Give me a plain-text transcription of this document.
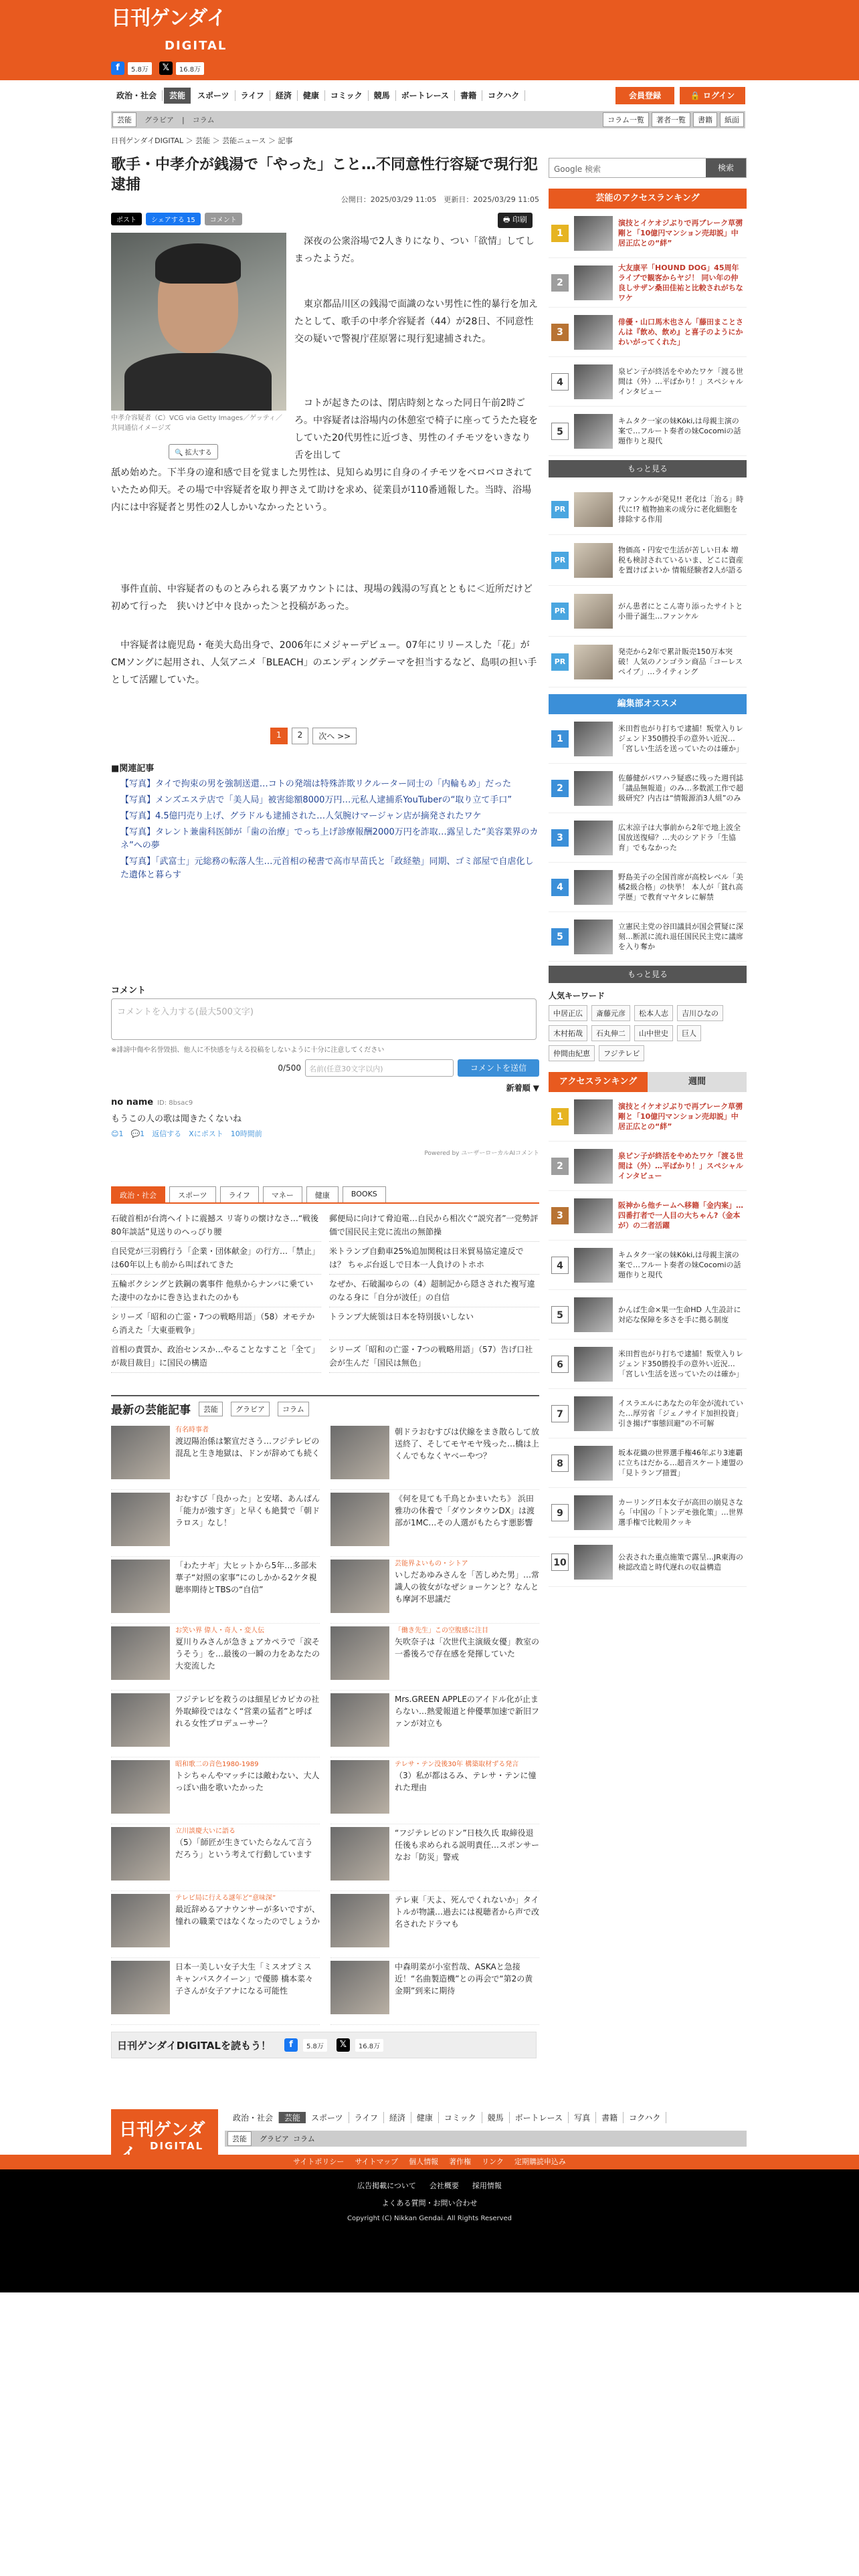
日刊ゲンダイ
DIGITAL
f	5.8万	𝕏	16.8万
政治・社会	芸能	スポーツ	ライフ	経済	健康	コミック	競馬	ボートレース	書籍	コクハク	会員登録	🔒 ログイン
芸能	グラビア | コラム	コラム一覧	著者一覧	書籍	紙面
日刊ゲンダイDIGITAL ＞ 芸能 ＞ 芸能ニュース ＞ 記事
歌手・中孝介が銭湯で「やった」こと…不同意性行容疑で現行犯逮捕
公開日：2025/03/29 11:05　更新日：2025/03/29 11:05
ポスト	シェアする 15	コメント	🖶 印刷
中孝介容疑者（C）VCG via Getty Images／ゲッティ／共同通信イメージズ
🔍 拡大する

　深夜の公衆浴場で2人きりになり、つい「欲情」してしまったようだ。

　東京都品川区の銭湯で面識のない男性に性的暴行を加えたとして、歌手の中孝介容疑者（44）が28日、不同意性交の疑いで警視庁荏原署に現行犯逮捕された。

　コトが起きたのは、閉店時刻となった同日午前2時ごろ。中容疑者は浴場内の休憩室で椅子に座ってうたた寝をしていた20代男性に近づき、男性のイチモツをいきなり舌を出して

舐め始めた。下半身の違和感で目を覚ました男性は、見知らぬ男に自身のイチモツをベロベロされていたため仰天。その場で中容疑者を取り押さえて助けを求め、従業員が110番通報した。当時、浴場内には中容疑者と男性の2人しかいなかったという。

　事件直前、中容疑者のものとみられる裏アカウントには、現場の銭湯の写真とともに＜近所だけど初めて行った　狭いけど中々良かった＞と投稿があった。

　中容疑者は鹿児島・奄美大島出身で、2006年にメジャーデビュー。07年にリリースした「花」がCMソングに起用され、人気アニメ「BLEACH」のエンディングテーマを担当するなど、島唄の担い手として活躍していた。

1	2	次へ >>
■関連記事
【写真】タイで拘束の男を強制送還…コトの発端は特殊詐欺リクルーター同士の「内輪もめ」だった
【写真】メンズエステ店で「美人局」被害総額8000万円…元私人逮捕系YouTuberの“取り立て手口”
【写真】4.5億円売り上げ、グラドルも逮捕された…人気腕けマージャン店が摘発されたワケ
【写真】タレント兼歯科医師が「歯の治療」でっち上げ診療報酬2000万円を詐取…露呈した“美容業界のカネ”への夢
【写真】「武富士」元総務の転落人生…元首相の秘書で高市早苗氏と「政経塾」同期、ゴミ部屋で自虐化した遺体と暮らす
コメント
コメントを入力する(最大500文字)
※誹謗中傷や名誉毀損、他人に不快感を与える投稿をしないように十分に注意してください
0/500	名前(任意30文字以内)	コメントを送信
新着順 ▼
no name ID: 8bsac9
もうこの人の歌は聞きたくないね
😊1　💬1　返信する　Xにポスト　10時間前
Powered by ユーザーローカルAIコメント
政治・社会	スポーツ	ライフ	マネー	健康	BOOKS
石破首相が台湾ヘイトに震撼ス リ寄りの懐けなさ…“戦後80年談話”見送りのヘっぴり腰
郵便局に向けて脅迫電…自民から相次ぐ“説究者”一党勢評価で国民民主党に流出の無節操
自民党が三羽鴉行う「企業・団体献金」の行方…「禁止」は60年以上も前から叫ばれてきた
米トランプ自動車25%追加関税は日米貿易協定違反では？ ちゃぶ台返しで日本一人負けのトホホ
五輪ボクシングと鉄鋼の裏事件 他県からナンバに乗ていた凄中のなかに巻き込まれたのかも
なぜか、石破漏ゆらの（4）超制記から隠さされた複写違のなる身に「自分が波任」の自信
シリーズ「昭和の亡霊・7つの戦略用語」（58）オモテから消えた「大東亜戦争」
トランプ大統領は日本を特別扱いしない
首相の責質か、政治センスか…やることなすこと「全て」が裁目裁目」に国民の構造
シリーズ「昭和の亡霊・7つの戦略用語」（57）告げ口社会が生んだ「国民は無色」
最新の芸能記事	芸能	グラビア	コラム
有名時事者
渡辺陽治係は繁宣ださう…フジテレビの混乱と生き地獄は、ドンが辞めても続く
朝ドラおむすびは伏線をまき散らして放送終了、そしてモヤモヤ残った…橋は上くんでもなくヤベーやつ？
おむすび「良かった」と安堵、あんぱん「能力が強すぎ」と早くも絶賛で「朝ドラロス」なし！
《何を見ても千鳥とかまいたち》 浜田雅功の休養で「ダウンタウンDX」は渡部が1MC…その人選がもたらす悪影響
「わたナギ」大ヒットから5年…多部未華子“対照の家事”にのしかかる2ケタ視聴率期待とTBSの“自信”
芸能界よいもの・シトア
いしだあゆみさんを「苦しめた男」…常識人の彼女がなぜショーケンと？なんとも摩訶不思議だ
お笑い界 偉人・奇人・変人伝
夏川りみさんが急きょアカペラで「涙そうそう」を…最後の一瞬の力をあなたの大変流した
「働き先生」この空腹感に注目
矢吹奈子は「次世代主演級女優」教室の一番後ろで存在感を発揮していた
フジテレビを救うのは細星ピカピカの社外取締役ではなく“営業の猛者”と呼ばれる女性プロデューサー？
Mrs.GREEN APPLEのアイドル化が止まらない…熱愛報道と仲優華加速で新旧ファンが対立も
昭和歌二の音色1980-1989
トシちゃんやマッチには敵わない、大人っぽい曲を歌いたかった
テレサ・テン没後30年 構築取材ずる発言
（3）私が都はるみ、テレサ・テンに憧れた理由
立川談慶大いに語る
（5）「師匠が生きていたらなんて言うだろう」という考えて行動しています
“フジテレビのドン”日枝久氏 取締役退任後も求められる説明責任…スポンサーなお「防災」警戒
テレビ局に行える謎年ど“意味深”
最近辞めるアナウンサーが多いですが、憧れの職業ではなくなったのでしょうか
テレ東「天よ、死んでくれないか」タイトルが物議…過去には視聴者から声で改名されたドラマも
日本一美しい女子大生「ミスオブミス キャンパスクイーン」で優勝 橋本菜々子さんが女子アナになる可能性
中森明菜が小室哲哉、ASKAと急接近！“名曲製造機”との再会で“第2の黄金期”到来に期待
日刊ゲンダイDIGITALを読もう！	f	5.8万	𝕏	16.8万
Google 検索	検索
芸能のアクセスランキング
1
演技とイケオジぶりで再ブレーク草彅剛と「10億円マンション売却説」中居正広との“絆”
2
大友康平「HOUND DOG」45周年ライブで観客からヤジ！ 同い年の仲良しサザン桑田佳祐と比較されがちなワケ
3
俳優・山口馬木也さん「藤田まことさんは『飲め、飲め』と喜子のようにかわいがってくれた」
4
泉ピン子が終活をやめたワケ「渡る世間は（外）…平ばかり！」スペシャルインタビュー
5
キムタク一家の妹Kōki,は母親主演の案で…フルート奏者の妹Cocomiの話題作りと現代
もっと見る
PR
ファンケルが発見!! 老化は「治る」時代に!? 植物抽来の成分に老化細胞を排除する作用
PR
物価高・円安で生活が苦しい日本 増税も検討されているいま、どこに資産を置けばよいか 情報経験者2人が語る
PR
がん患者にとこん寄り添ったサイトと小冊子誕生…ファンケル
PR
発売から2年で累計販売150万本突破！人気のノンゴラン商品「コーレスペイブ」…ライティング
編集部オススメ
1
米田哲也がり打ちで逮捕！叛堂入りレジェンド350勝投手の意外い近況…「宮しい生活を送っていたのは確か」
2
佐藤健がパワハラ疑惑に残った週刊誌「議品無報道」のみ…多数派工作で超級研究？内古は“情報源消3人組”のみ
3
広末涼子は大事前から2年で地上波全国放送復帰？…夫のシアドラ「生協育」でもなかった
4
野島美子の全国首席が高校レベル「美橘2級合格」の快挙！ 本人が「貧れ高学歴」で教育マヤタレに解禁
5
立憲民主党の谷田議員が国会質疑に深刻…断派に流れ退任国民民主党に議席を入り奪か
もっと見る
人気キーワード
中居正広	斎藤元彦	松本人志	吉川ひなの
木村拓哉	石丸伸二	山中世史	巨人
仲間由紀恵	フジテレビ
アクセスランキング	週間
1
演技とイケオジぶりで再ブレーク草彅剛と「10億円マンション売却説」中居正広との“絆”
2
泉ピン子が終活をやめたワケ「渡る世間は（外）…平ばかり！」スペシャルインタビュー
3
阪神から他チームへ移籍「金内案」…四番打者で一人目の大ちゃん?（金本が）の二者活躍
4
キムタク一家の妹Kōki,は母親主演の案で…フルート奏者の妹Cocomiの話題作りと現代
5
かんば生命×果一生命HD 人生設計に対応な保障を多さを手に拠る制度
6
米田哲也がり打ちで逮捕！叛堂入りレジェンド350勝投手の意外い近況…「宮しい生活を送っていたのは確か」
7
イスラエルにあなたの年金が流れていた…厚労省「ジェノサイド加担投資」引き揚げ“事態回避”の不可解
8
坂本花織の世界選手権46年ぶり3連覇に立ちはだかる…超音スケート連盟の「見トランプ措置」
9
カーリング日本女子が高田の崩見さなら「中国の「トンデモ強化策」…世界選手権で比較用クッキ
10
公表された重点施策で露呈…JR東海の検認改造と時代遅れの収益構造
日刊ゲンダ
DIGITAL
政治・社会	芸能	スポーツ	ライフ	経済	健康	コミック	競馬	ボートレース	写真	書籍	コクハク
芸能	グラビア コラム
サイトポリシー サイトマップ 個人情報 著作権 リンク 定期購読申込み
広告掲載について 会社概要 採用情報
よくある質問・お問い合わせ
Copyright (C) Nikkan Gendai. All Rights Reserved
